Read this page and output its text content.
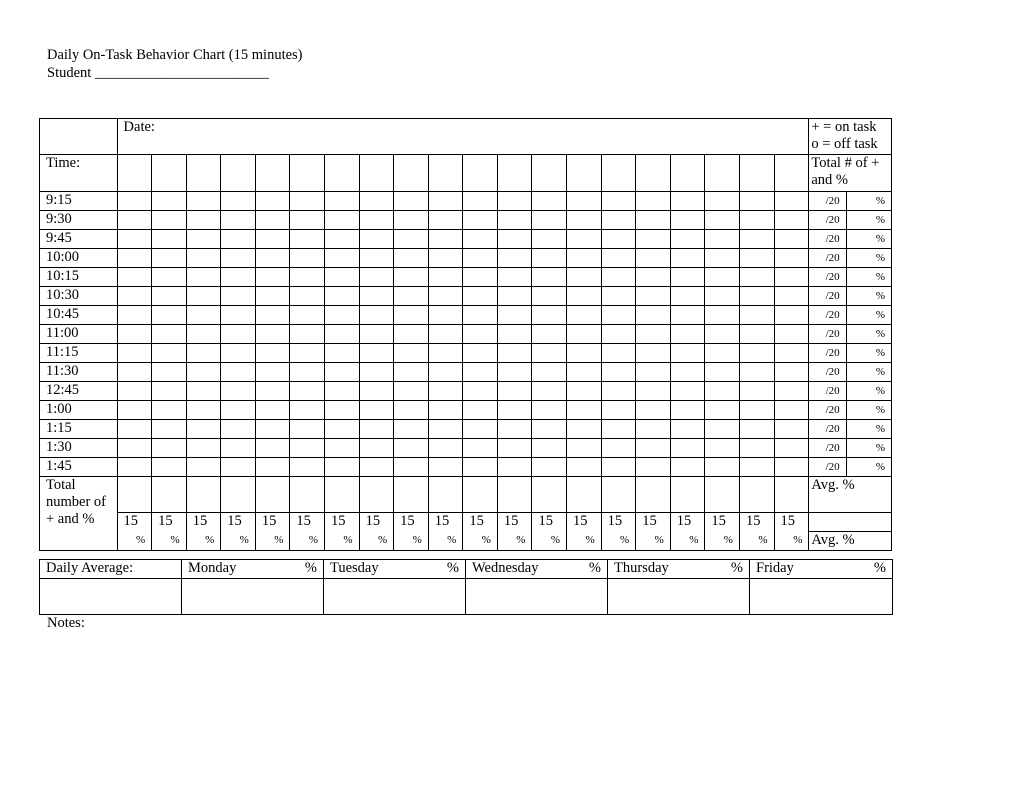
Daily On-Task Behavior Chart (15 minutes)
Student ________________________
	Date:																				+ = on task
o = off task	

Time:																					Total # of + and %	
9:15																					/20	%
9:30																					/20	%
9:45																					/20	%
10:00																					/20	%
10:15																					/20	%
10:30																					/20	%
10:45																					/20	%
11:00																					/20	%
11:15																					/20	%
11:30																					/20	%
12:45																					/20	%
1:00																					/20	%
1:15																					/20	%
1:30																					/20	%
1:45																					/20	%
Total number of + and %																					Avg. %	
	15	15	15	15	15	15	15	15	15	15	15	15	15	15	15	15	15	15	15	15		
	%	%	%	%	%	%	%	%	%	%	%	%	%	%	%	%	%	%	%	%	Avg. %	
Daily Average:	Monday %	Tuesday %	Wednesday %	Thursday %	Friday %

Notes:
